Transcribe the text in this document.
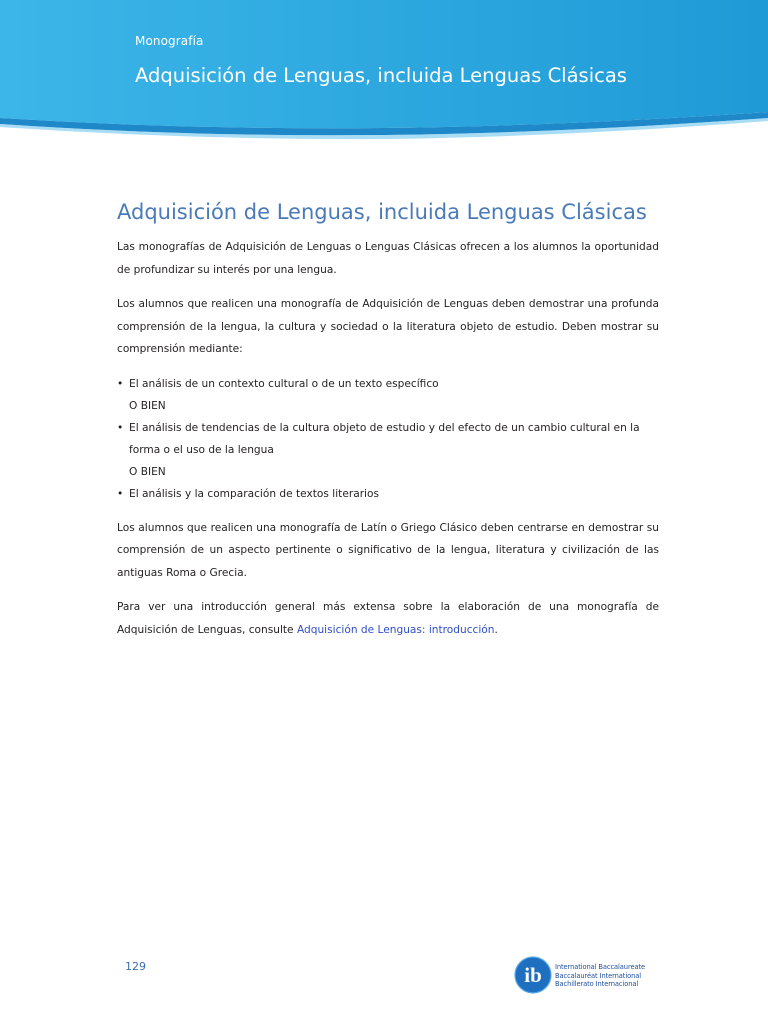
Monografía
Adquisición de Lenguas, incluida Lenguas Clásicas
Adquisición de Lenguas, incluida Lenguas Clásicas

Las monografías de Adquisición de Lenguas o Lenguas Clásicas ofrecen a los alumnos la oportunidad de profundizar su interés por una lengua.

Los alumnos que realicen una monografía de Adquisición de Lenguas deben demostrar una profunda comprensión de la lengua, la cultura y sociedad o la literatura objeto de estudio. Deben mostrar su comprensión mediante:

• El análisis de un contexto cultural o de un texto específico
O BIEN
• El análisis de tendencias de la cultura objeto de estudio y del efecto de un cambio cultural en la forma o el uso de la lengua
O BIEN
• El análisis y la comparación de textos literarios

Los alumnos que realicen una monografía de Latín o Griego Clásico deben centrarse en demostrar su comprensión de un aspecto pertinente o significativo de la lengua, literatura y civilización de las antiguas Roma o Grecia.

Para ver una introducción general más extensa sobre la elaboración de una monografía de Adquisición de Lenguas, consulte Adquisición de Lenguas: introducción.

129	ib International Baccalaureate
Baccalauréat International
Bachillerato Internacional
